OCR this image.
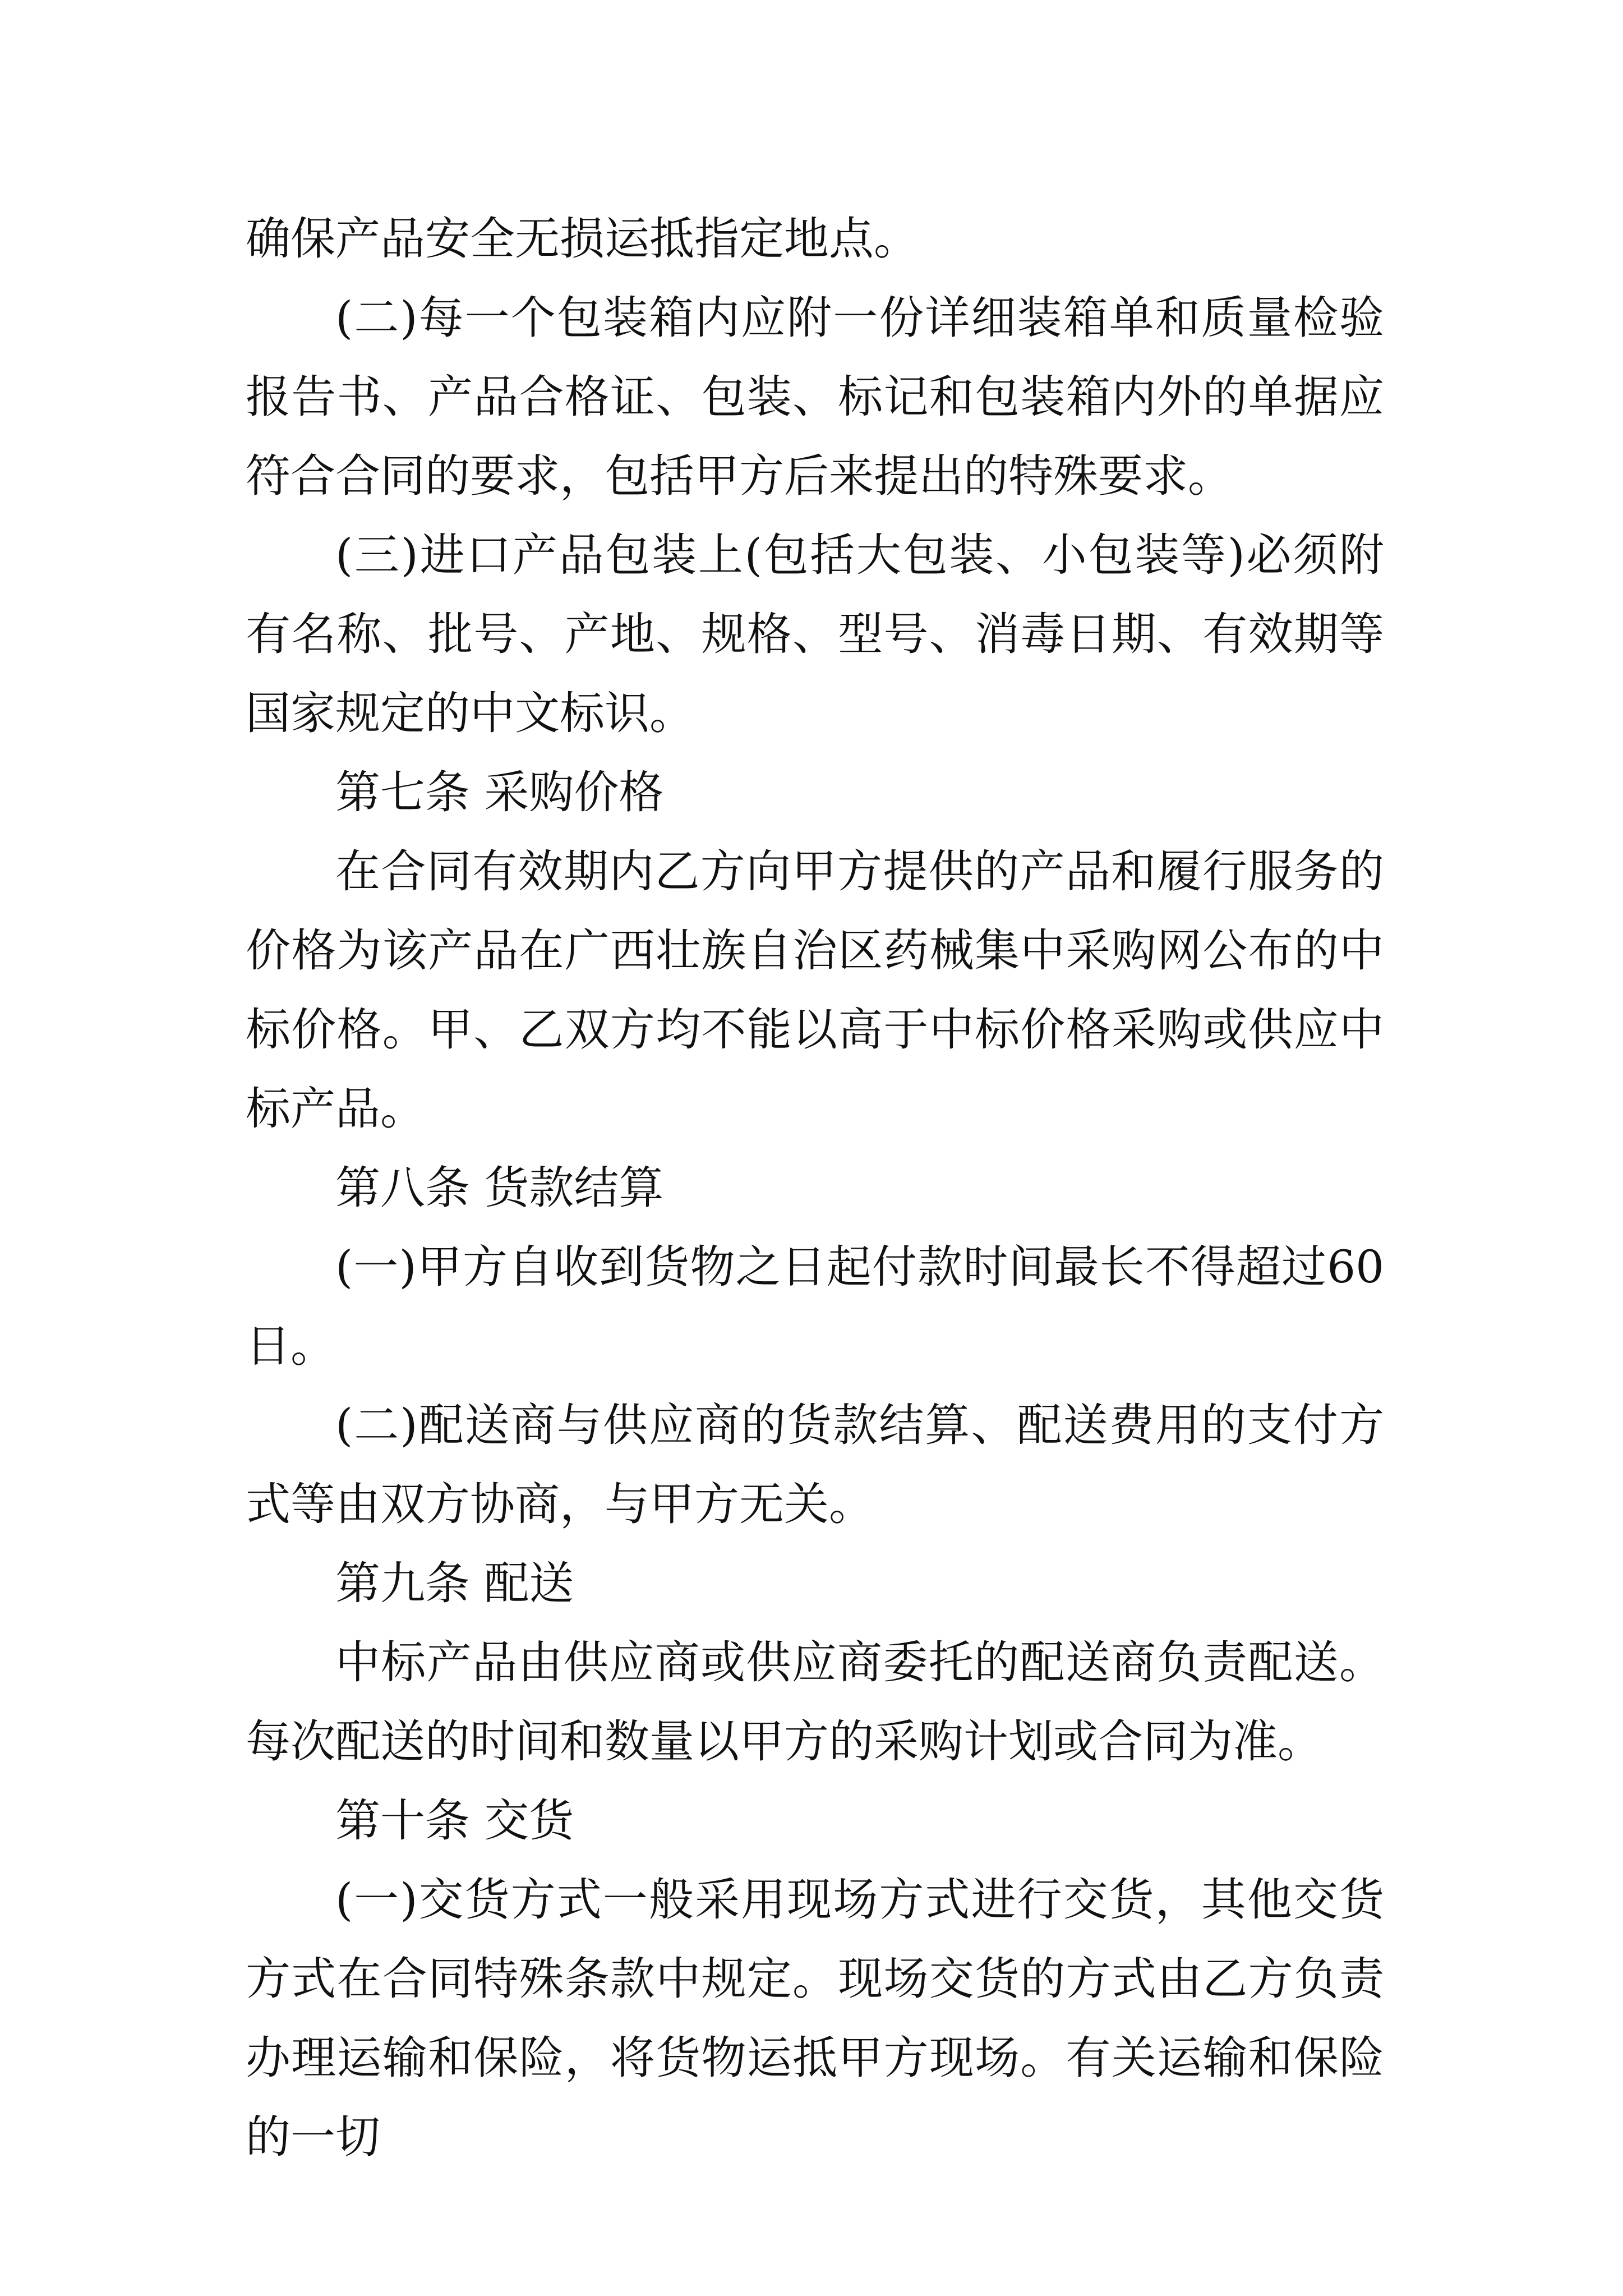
确保产品安全无损运抵指定地点。

(二)每一个包装箱内应附一份详细装箱单和质量检验报告书、产品合格证、包装、标记和包装箱内外的单据应符合合同的要求，包括甲方后来提出的特殊要求。

(三)进口产品包装上(包括大包装、小包装等)必须附有名称、批号、产地、规格、型号、消毒日期、有效期等国家规定的中文标识。

第七条 采购价格

在合同有效期内乙方向甲方提供的产品和履行服务的价格为该产品在广西壮族自治区药械集中采购网公布的中标价格。甲、乙双方均不能以高于中标价格采购或供应中标产品。

第八条 货款结算

(一)甲方自收到货物之日起付款时间最长不得超过60日。

(二)配送商与供应商的货款结算、配送费用的支付方式等由双方协商，与甲方无关。

第九条 配送

中标产品由供应商或供应商委托的配送商负责配送。每次配送的时间和数量以甲方的采购计划或合同为准。

第十条 交货

(一)交货方式一般采用现场方式进行交货，其他交货方式在合同特殊条款中规定。现场交货的方式由乙方负责办理运输和保险，将货物运抵甲方现场。有关运输和保险的一切
